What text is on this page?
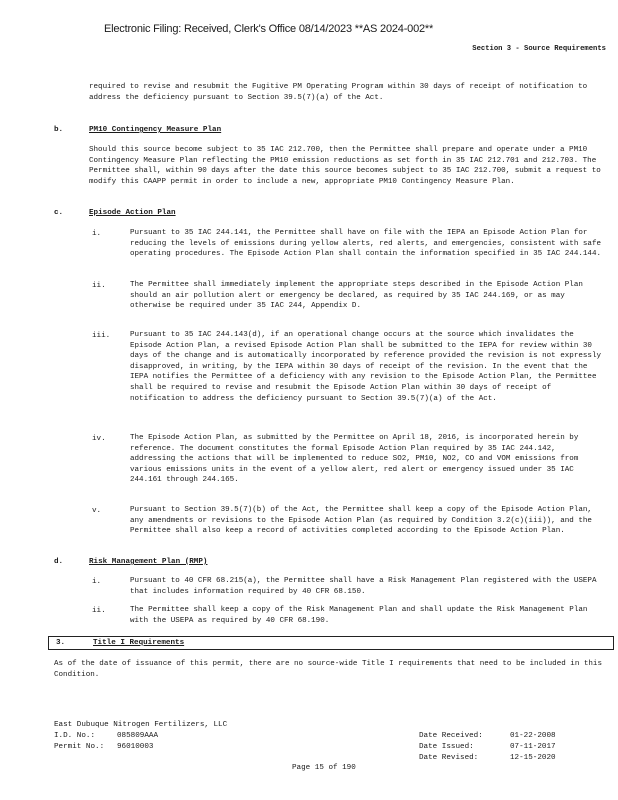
Electronic Filing: Received, Clerk's Office 08/14/2023 **AS 2024-002**
Section 3 - Source Requirements

required to revise and resubmit the Fugitive PM Operating Program within 30 days of receipt of notification to address the deficiency pursuant to Section 39.5(7)(a) of the Act.

b.	PM10 Contingency Measure Plan

Should this source become subject to 35 IAC 212.700, then the Permittee shall prepare and operate under a PM10 Contingency Measure Plan reflecting the PM10 emission reductions as set forth in 35 IAC 212.701 and 212.703. The Permittee shall, within 90 days after the date this source becomes subject to 35 IAC 212.700, submit a request to modify this CAAPP permit in order to include a new, appropriate PM10 Contingency Measure Plan.

c.	Episode Action Plan
i.	Pursuant to 35 IAC 244.141, the Permittee shall have on file with the IEPA an Episode Action Plan for reducing the levels of emissions during yellow alerts, red alerts, and emergencies, consistent with safe operating procedures. The Episode Action Plan shall contain the information specified in 35 IAC 244.144.

ii.	The Permittee shall immediately implement the appropriate steps described in the Episode Action Plan should an air pollution alert or emergency be declared, as required by 35 IAC 244.169, or as may otherwise be required under 35 IAC 244, Appendix D.

iii.	Pursuant to 35 IAC 244.143(d), if an operational change occurs at the source which invalidates the Episode Action Plan, a revised Episode Action Plan shall be submitted to the IEPA for review within 30 days of the change and is automatically incorporated by reference provided the revision is not expressly disapproved, in writing, by the IEPA within 30 days of receipt of the revision. In the event that the IEPA notifies the Permittee of a deficiency with any revision to the Episode Action Plan, the Permittee shall be required to revise and resubmit the Episode Action Plan within 30 days of receipt of notification to address the deficiency pursuant to Section 39.5(7)(a) of the Act.

iv.	The Episode Action Plan, as submitted by the Permittee on April 18, 2016, is incorporated herein by reference. The document constitutes the formal Episode Action Plan required by 35 IAC 244.142, addressing the actions that will be implemented to reduce SO2, PM10, NO2, CO and VOM emissions from various emissions units in the event of a yellow alert, red alert or emergency issued under 35 IAC 244.161 through 244.165.

v.	Pursuant to Section 39.5(7)(b) of the Act, the Permittee shall keep a copy of the Episode Action Plan, any amendments or revisions to the Episode Action Plan (as required by Condition 3.2(c)(iii)), and the Permittee shall also keep a record of activities completed according to the Episode Action Plan.

d.	Risk Management Plan (RMP)
i.	Pursuant to 40 CFR 68.215(a), the Permittee shall have a Risk Management Plan registered with the USEPA that includes information required by 40 CFR 68.150.

ii.	The Permittee shall keep a copy of the Risk Management Plan and shall update the Risk Management Plan with the USEPA as required by 40 CFR 68.190.

3.	Title I Requirements

As of the date of issuance of this permit, there are no source-wide Title I requirements that need to be included in this Condition.

East Dubuque Nitrogen Fertilizers, LLC
I.D. No.:	085809AAA
Permit No.: 96010003
Date Received:	01-22-2008
Date Issued:	07-11-2017
Date Revised:	12-15-2020
Page 15 of 190
